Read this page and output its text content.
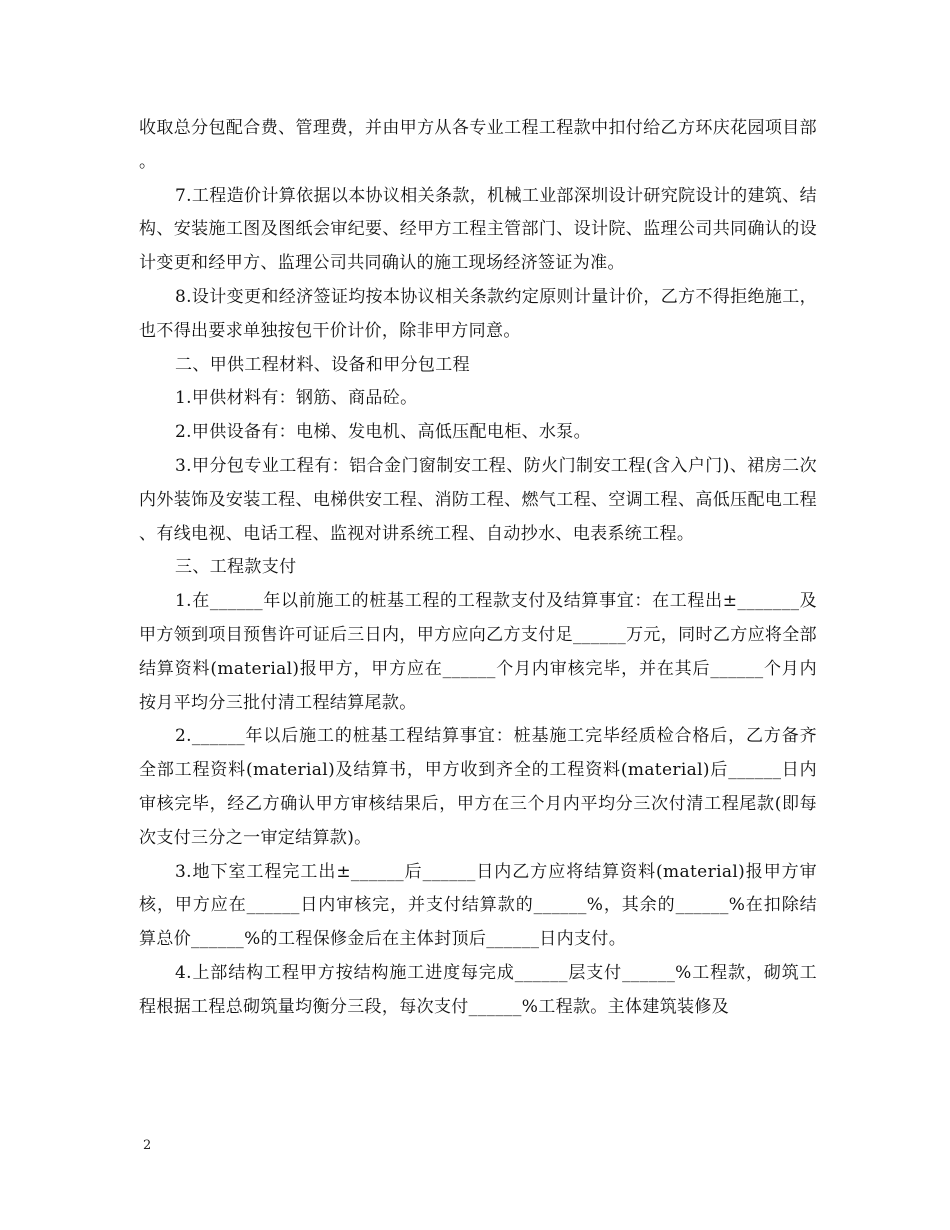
收取总分包配合费、管理费，并由甲方从各专业工程工程款中扣付给乙方环庆花园项目部。

7.工程造价计算依据以本协议相关条款，机械工业部深圳设计研究院设计的建筑、结构、安装施工图及图纸会审纪要、经甲方工程主管部门、设计院、监理公司共同确认的设计变更和经甲方、监理公司共同确认的施工现场经济签证为准。

8.设计变更和经济签证均按本协议相关条款约定原则计量计价，乙方不得拒绝施工，也不得出要求单独按包干价计价，除非甲方同意。

二、甲供工程材料、设备和甲分包工程

1.甲供材料有：钢筋、商品砼。

2.甲供设备有：电梯、发电机、高低压配电柜、水泵。

3.甲分包专业工程有：铝合金门窗制安工程、防火门制安工程(含入户门)、裙房二次内外装饰及安装工程、电梯供安工程、消防工程、燃气工程、空调工程、高低压配电工程、有线电视、电话工程、监视对讲系统工程、自动抄水、电表系统工程。

三、工程款支付

1.在______年以前施工的桩基工程的工程款支付及结算事宜：在工程出±_______及甲方领到项目预售许可证后三日内，甲方应向乙方支付足______万元，同时乙方应将全部结算资料(material)报甲方，甲方应在______个月内审核完毕，并在其后______个月内按月平均分三批付清工程结算尾款。

2.______年以后施工的桩基工程结算事宜：桩基施工完毕经质检合格后，乙方备齐全部工程资料(material)及结算书，甲方收到齐全的工程资料(material)后______日内审核完毕，经乙方确认甲方审核结果后，甲方在三个月内平均分三次付清工程尾款(即每次支付三分之一审定结算款)。

3.地下室工程完工出±______后______日内乙方应将结算资料(material)报甲方审核，甲方应在______日内审核完，并支付结算款的______%，其余的______%在扣除结算总价______%的工程保修金后在主体封顶后______日内支付。

4.上部结构工程甲方按结构施工进度每完成______层支付______%工程款，砌筑工程根据工程总砌筑量均衡分三段，每次支付______%工程款。主体建筑装修及

2
